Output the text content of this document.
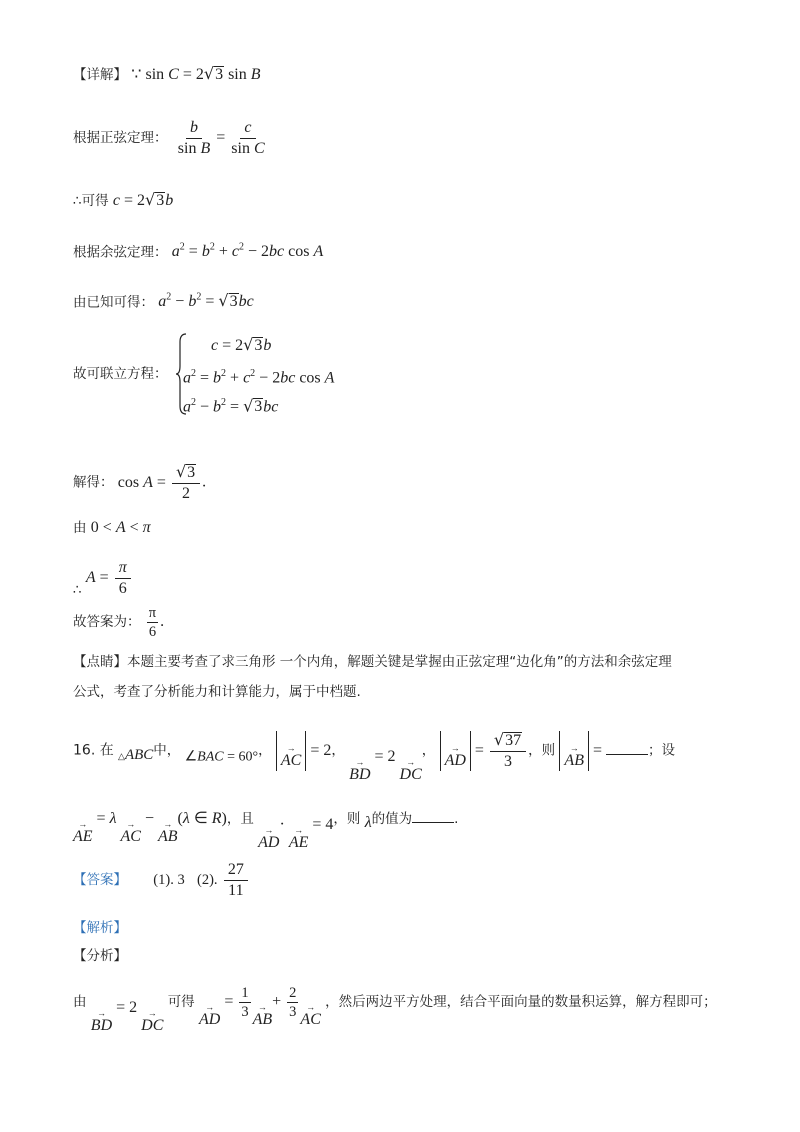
【详解】 ∵ sin C = 2√3 sin B
根据正弦定理： $\frac{b}{\text{sin B}} = \frac{c}{\text{sin C}}$
∴可得 c = 2√3b
根据余弦定理： $a^2 = b^2 + c^2 - 2bc$ cos A
由已知可得： $a^2 - b^2 = √3bc$
故可联立方程：
c = 2√3b
$a^2 = b^2 + c^2 - 2bc$ cos A
$a^2 - b^2 = √3bc$
解得： $\cos A = \frac{√3}{2}$ .
由 0 < A < π
∴ $A = \frac{\pi}{6}$
故答案为： $\frac{\pi}{6}$ .
【点睛】本题主要考查了求三角形 一个内角，解题关键是掌握由正弦定理“边化角”的方法和余弦定理
公式，考查了分析能力和计算能力，属于中档题.
16. 在 △ABC中， ∠BAC = 60°， →
AC
= 2，
→
BD
= 2 →
DC
， →
AD
= $\frac{√37}{3}$ ，则 →
AB
=	；设
→
AE
= λ →
AC
− →
AB
(λ ∈ R)，且
→
AD
· →
AE
= 4，则 λ的值为	.
【答案】 (1). 3 (2). $\frac{27}{11}$
【解析】
【分析】
由
→
BD
= 2 →
DC
可得 →
AD
= $\frac{1}{3}$ →
AB
+ $\frac{2}{3}$ →
AC
，然后两边平方处理，结合平面向量的数量积运算，解方程即可；
